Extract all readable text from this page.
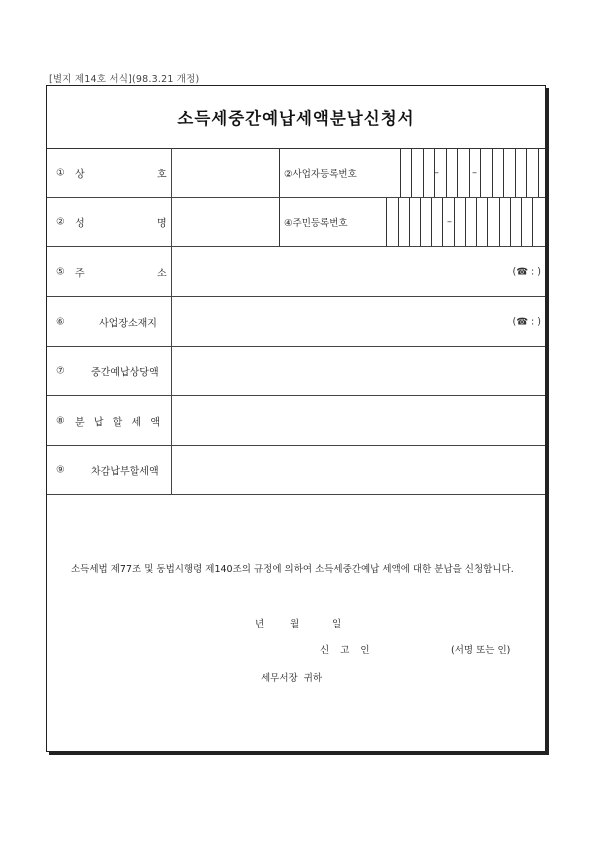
[별지 제14호 서식](98.3.21 개정)
소득세중간예납세액분납신청서
① 상	호	②사업자등록번호	–	–
② 성	명	④주민등록번호	–
⑤ 주	소	(☎ : )
⑥	사업장소재지	(☎ : )
⑦	중간예납상당액
⑧ 분 납 할 세 액
⑨	차감납부할세액
소득세법 제77조 및 동법시행령 제140조의 규정에 의하여 소득세중간예납 세액에 대한 분납을 신청합니다.
년	월	일
신 고 인	(서명 또는 인)
세무서장  귀하
